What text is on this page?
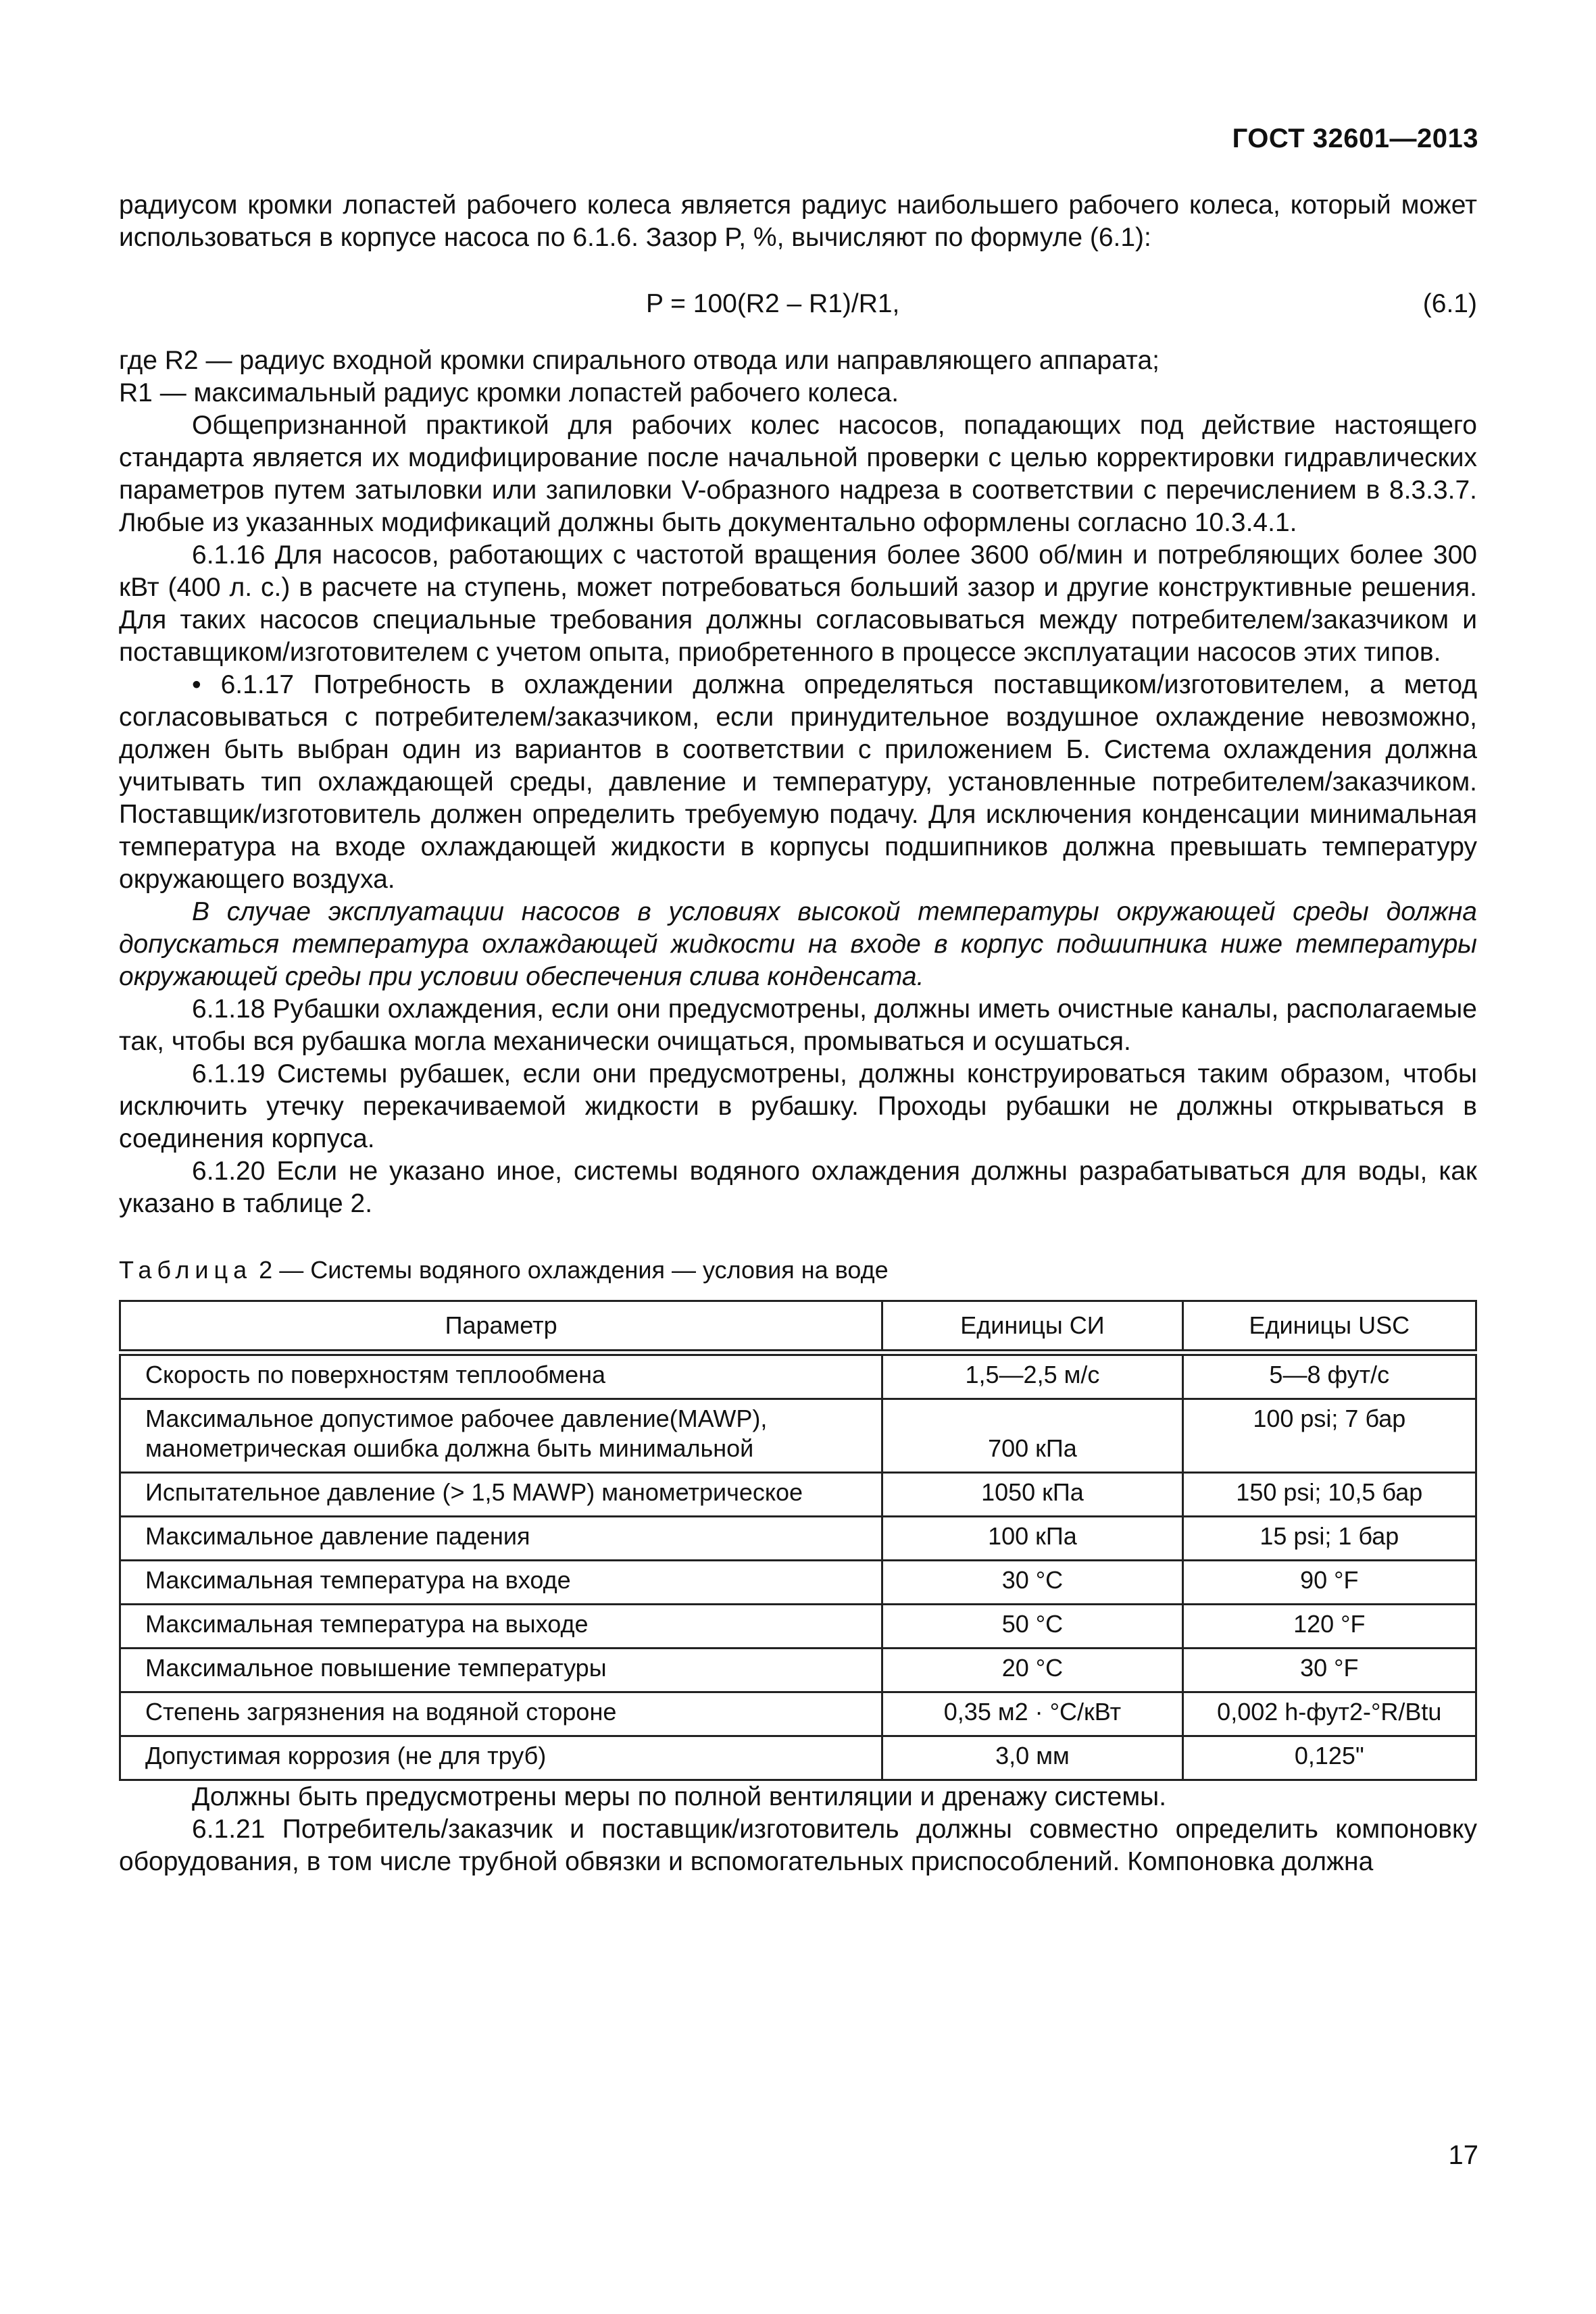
ГОСТ 32601—2013

радиусом кромки лопастей рабочего колеса является радиус наибольшего рабочего колеса, который может использоваться в корпусе насоса по 6.1.6. Зазор P, %, вычисляют по формуле (6.1):

P = 100(R2 – R1)/R1,	(6.1)

где R2 — радиус входной кромки спирального отвода или направляющего аппарата;

R1 — максимальный радиус кромки лопастей рабочего колеса.

Общепризнанной практикой для рабочих колес насосов, попадающих под действие настоящего стандарта является их модифицирование после начальной проверки с целью корректировки гидравлических параметров путем затыловки или запиловки V-образного надреза в соответствии с перечислением в 8.3.3.7. Любые из указанных модификаций должны быть документально оформлены согласно 10.3.4.1.

6.1.16 Для насосов, работающих с частотой вращения более 3600 об/мин и потребляющих более 300 кВт (400 л. с.) в расчете на ступень, может потребоваться больший зазор и другие конструктивные решения. Для таких насосов специальные требования должны согласовываться между потребителем/заказчиком и поставщиком/изготовителем с учетом опыта, приобретенного в процессе эксплуатации насосов этих типов.

• 6.1.17 Потребность в охлаждении должна определяться поставщиком/изготовителем, а метод согласовываться с потребителем/заказчиком, если принудительное воздушное охлаждение невозможно, должен быть выбран один из вариантов в соответствии с приложением Б. Система охлаждения должна учитывать тип охлаждающей среды, давление и температуру, установленные потребителем/заказчиком. Поставщик/изготовитель должен определить требуемую подачу. Для исключения конденсации минимальная температура на входе охлаждающей жидкости в корпусы подшипников должна превышать температуру окружающего воздуха.

В случае эксплуатации насосов в условиях высокой температуры окружающей среды должна допускаться температура охлаждающей жидкости на входе в корпус подшипника ниже температуры окружающей среды при условии обеспечения слива конденсата.

6.1.18 Рубашки охлаждения, если они предусмотрены, должны иметь очистные каналы, располагаемые так, чтобы вся рубашка могла механически очищаться, промываться и осушаться.

6.1.19 Системы рубашек, если они предусмотрены, должны конструироваться таким образом, чтобы исключить утечку перекачиваемой жидкости в рубашку. Проходы рубашки не должны открываться в соединения корпуса.

6.1.20 Если не указано иное, системы водяного охлаждения должны разрабатываться для воды, как указано в таблице 2.

Таблица 2 — Системы водяного охлаждения — условия на воде
Параметр	Единицы СИ	Единицы USC
Скорость по поверхностям теплообмена	1,5—2,5 м/с	5—8 фут/с
Максимальное допустимое рабочее давление(MAWP), манометрическая ошибка должна быть минимальной	700 кПа	100 psi; 7 бар
Испытательное давление (> 1,5 MAWP) манометрическое	1050 кПа	150 psi; 10,5 бар
Максимальное давление падения	100 кПа	15 psi; 1 бар
Максимальная температура на входе	30 °С	90 °F
Максимальная температура на выходе	50 °С	120 °F
Максимальное повышение температуры	20 °С	30 °F
Степень загрязнения на водяной стороне	0,35 м2 · °С/кВт	0,002 h-фут2-°R/Btu
Допустимая коррозия (не для труб)	3,0 мм	0,125"

Должны быть предусмотрены меры по полной вентиляции и дренажу системы.

6.1.21 Потребитель/заказчик и поставщик/изготовитель должны совместно определить компоновку оборудования, в том числе трубной обвязки и вспомогательных приспособлений. Компоновка должна

17
